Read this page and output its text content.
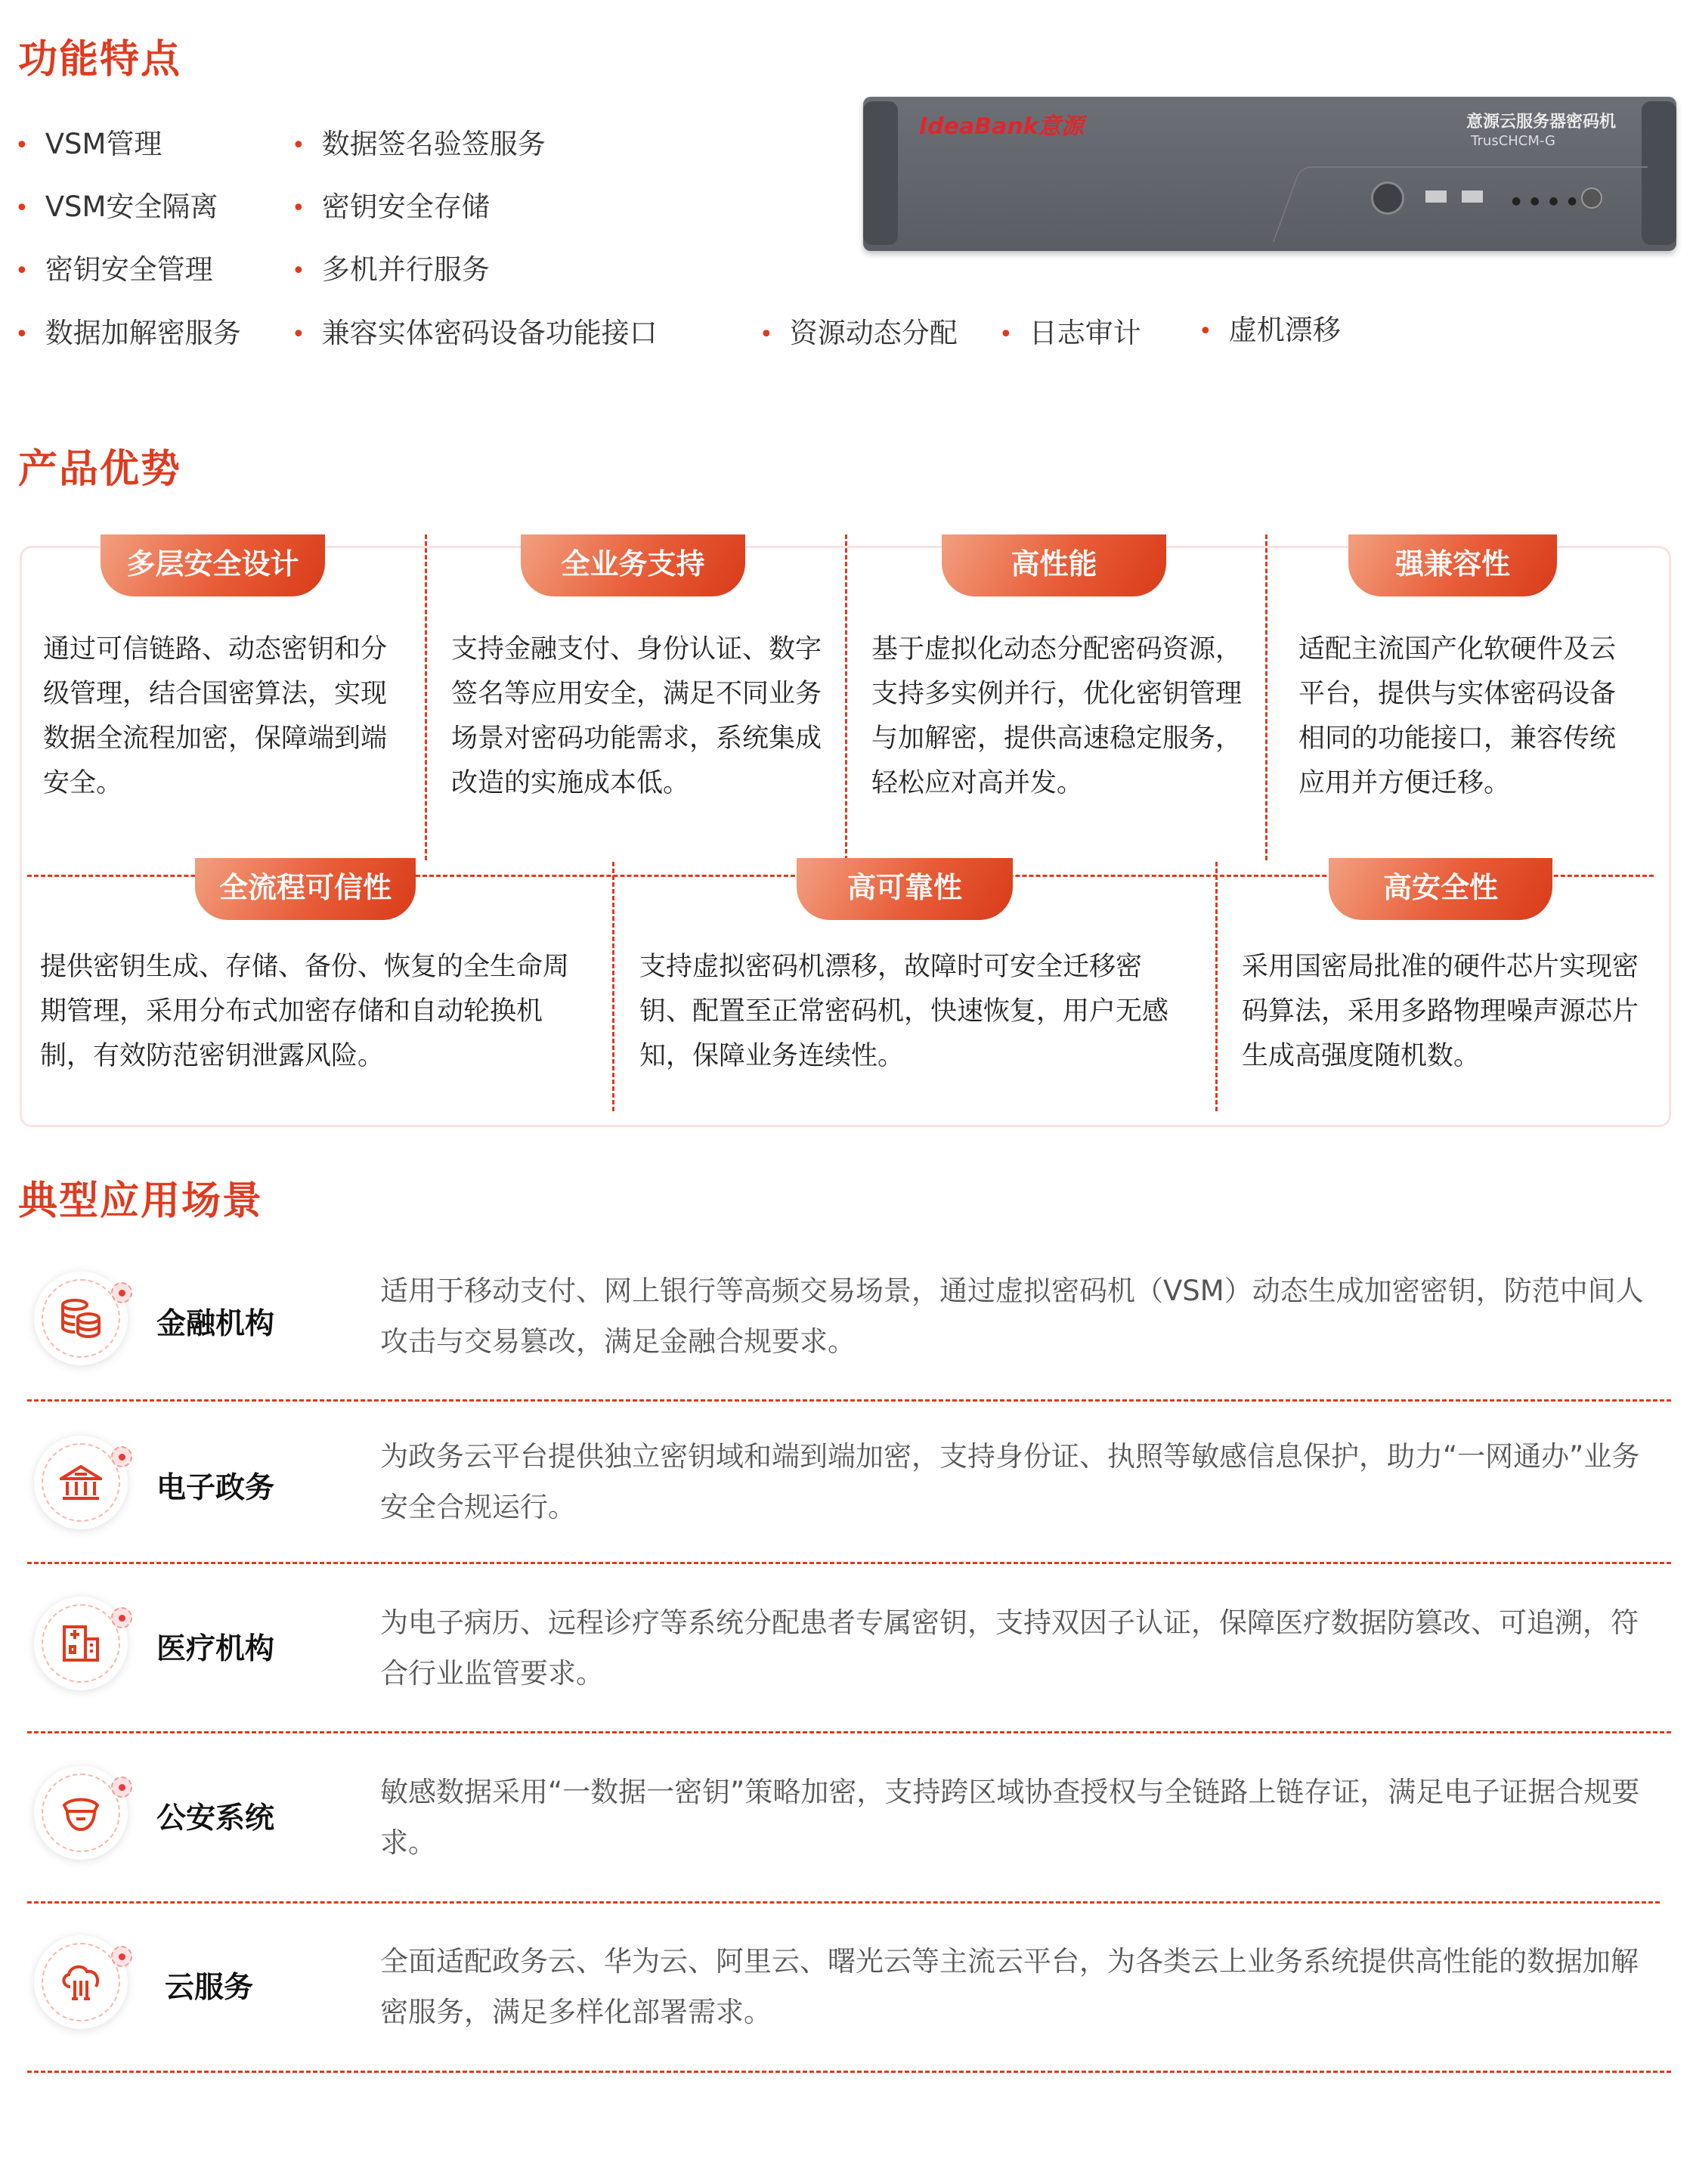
功能特点
• VSM管理	• 数据签名验签服务
• VSM安全隔离	• 密钥安全存储
• 密钥安全管理	• 多机并行服务
• 数据加解密服务	• 兼容实体密码设备功能接口	• 资源动态分配	• 日志审计	• 虚机漂移
IdeaBank意源	意源云服务器密码机
TrusCHCM-G
● ● ● ●
产品优势
多层安全设计	全业务支持	高性能	强兼容性
全流程可信性	高可靠性	高安全性
通过可信链路、动态密钥和分级管理，结合国密算法，实现数据全流程加密，保障端到端安全。
支持金融支付、身份认证、数字签名等应用安全，满足不同业务场景对密码功能需求，系统集成改造的实施成本低。
基于虚拟化动态分配密码资源，支持多实例并行，优化密钥管理与加解密，提供高速稳定服务，轻松应对高并发。
适配主流国产化软硬件及云平台，提供与实体密码设备相同的功能接口，兼容传统应用并方便迁移。
提供密钥生成、存储、备份、恢复的全生命周期管理，采用分布式加密存储和自动轮换机制，有效防范密钥泄露风险。
支持虚拟密码机漂移，故障时可安全迁移密钥、配置至正常密码机，快速恢复，用户无感知，保障业务连续性。
采用国密局批准的硬件芯片实现密码算法，采用多路物理噪声源芯片生成高强度随机数。
典型应用场景
金融机构
适用于移动支付、网上银行等高频交易场景，通过虚拟密码机（VSM）动态生成加密密钥，防范中间人攻击与交易篡改，满足金融合规要求。
电子政务
为政务云平台提供独立密钥域和端到端加密，支持身份证、执照等敏感信息保护，助力“一网通办”业务安全合规运行。
医疗机构
为电子病历、远程诊疗等系统分配患者专属密钥，支持双因子认证，保障医疗数据防篡改、可追溯，符合行业监管要求。
公安系统
敏感数据采用“一数据一密钥”策略加密，支持跨区域协查授权与全链路上链存证，满足电子证据合规要求。
云服务
全面适配政务云、华为云、阿里云、曙光云等主流云平台，为各类云上业务系统提供高性能的数据加解密服务，满足多样化部署需求。
